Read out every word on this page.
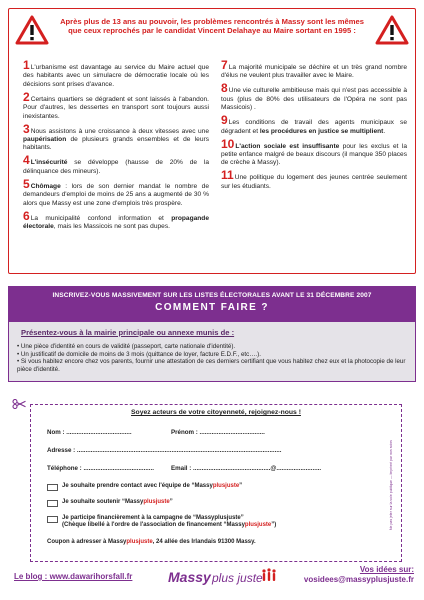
Après plus de 13 ans au pouvoir, les problèmes rencontrés à Massy sont les mêmes que ceux reprochés par le candidat Vincent Delahaye au Maire sortant en 1995 :
1L'urbanisme est davantage au service du Maire actuel que des habitants avec un simulacre de démocratie locale où les décisions sont prises d'avance.
2Certains quartiers se dégradent et sont laissés à l'abandon. Pour d'autres, les dessertes en transport sont toujours aussi inexistantes.
3Nous assistons à une croissance à deux vitesses avec une paupérisation de plusieurs grands ensembles et de leurs habitants.
4L'insécurité se développe (hausse de 20% de la délinquance des mineurs).
5Chômage : lors de son dernier mandat le nombre de demandeurs d'emploi de moins de 25 ans a augmenté de 30 % alors que Massy est une zone d'emplois très prospère.
6La municipalité confond information et propagande électorale, mais les Massicois ne sont pas dupes.
7La majorité municipale se déchire et un très grand nombre d'élus ne veulent plus travailler avec le Maire.
8Une vie culturelle ambitieuse mais qui n'est pas accessible à tous (plus de 80% des utilisateurs de l'Opéra ne sont pas Massicois) .
9Les conditions de travail des agents municipaux se dégradent et les procédures en justice se multiplient.
10L'action sociale est insuffisante pour les exclus et la petite enfance malgré de beaux discours (il manque 350 places de crèche à Massy).
11Une politique du logement des jeunes centrée seulement sur les étudiants.
INSCRIVEZ-VOUS MASSIVEMENT SUR LES LISTES ÉLECTORALES AVANT LE 31 DÉCEMBRE 2007
COMMENT FAIRE ?
Présentez-vous à la mairie principale ou annexe munis de :
• Une pièce d'identité en cours de validité (passeport, carte nationale d'identité).
• Un justificatif de domicile de moins de 3 mois (quittance de loyer, facture E.D.F., etc….).
• Si vous habitez encore chez vos parents, fournir une attestation de ces derniers certifiant que vous habitez chez eux et la photocopie de leur pièce d'identité.
Soyez acteurs de votre citoyenneté, rejoignez-nous !
Nom : ......................................	Prénom : ......................................
Adresse : .......................................................................................................................
Téléphone : .........................................	Email : .............................................@..........................
Je souhaite prendre contact avec l'équipe de “Massyplusjuste”
Je souhaite soutenir “Massyplusjuste”
Je participe financièrement à la campagne de “Massyplusjuste”
(Chèque libellé à l'ordre de l'association de financement “Massyplusjuste”)
Coupon à adresser à Massyplusjuste, 24 allée des Irlandais 91300 Massy.
Ne pas jeter sur la voie publique — Imprimé par nos soins
Le blog : www.dawarihorsfall.fr	Massy plus juste
Vos idées sur:
vosidees@massyplusjuste.fr
